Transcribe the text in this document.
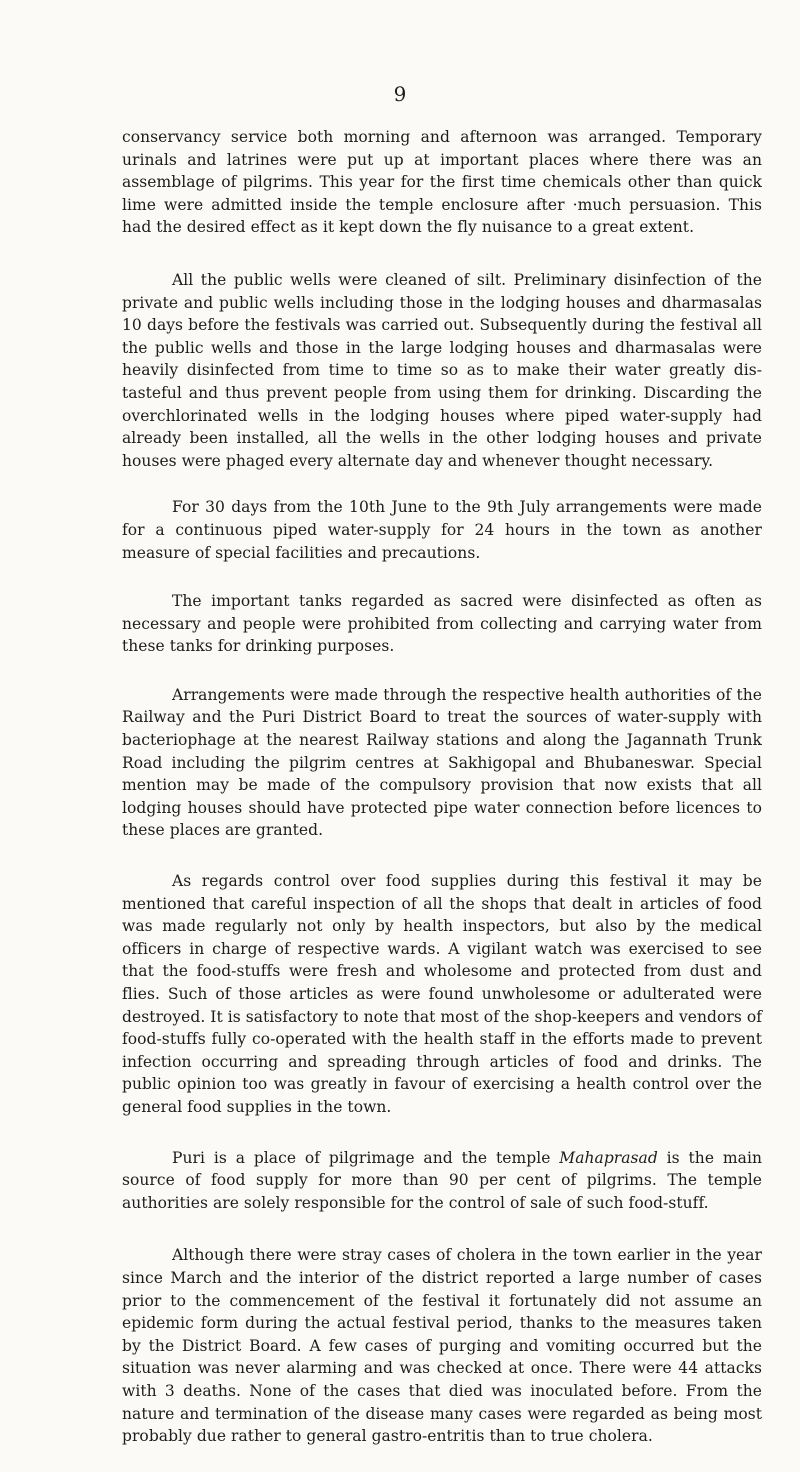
9

conservancy service both morning and afternoon was arranged. Temporary urinals and latrines were put up at important places where there was an assemblage of pilgrims. This year for the first time chemicals other than quick lime were admitted inside the temple enclosure after ·much persuasion. This had the desired effect as it kept down the fly nuisance to a great extent.

All the public wells were cleaned of silt. Preliminary disinfection of the private and public wells including those in the lodging houses and dharmasalas 10 days before the festivals was carried out. Subsequently during the festival all the public wells and those in the large lodging houses and dharmasalas were heavily disinfected from time to time so as to make their water greatly dis-tasteful and thus prevent people from using them for drinking. Discarding the overchlorinated wells in the lodging houses where piped water-supply had already been installed, all the wells in the other lodging houses and private houses were phaged every alternate day and whenever thought necessary.

For 30 days from the 10th June to the 9th July arrangements were made for a continuous piped water-supply for 24 hours in the town as another measure of special facilities and precautions.

The important tanks regarded as sacred were disinfected as often as necessary and people were prohibited from collecting and carrying water from these tanks for drinking purposes.

Arrangements were made through the respective health authorities of the Railway and the Puri District Board to treat the sources of water-supply with bacteriophage at the nearest Railway stations and along the Jagannath Trunk Road including the pilgrim centres at Sakhigopal and Bhubaneswar. Special mention may be made of the compulsory provision that now exists that all lodging houses should have protected pipe water connection before licences to these places are granted.

As regards control over food supplies during this festival it may be mentioned that careful inspection of all the shops that dealt in articles of food was made regularly not only by health inspectors, but also by the medical officers in charge of respective wards. A vigilant watch was exercised to see that the food-stuffs were fresh and wholesome and protected from dust and flies. Such of those articles as were found unwholesome or adulterated were destroyed. It is satisfactory to note that most of the shop-keepers and vendors of food-stuffs fully co-operated with the health staff in the efforts made to prevent infection occurring and spreading through articles of food and drinks. The public opinion too was greatly in favour of exercising a health control over the general food supplies in the town.

Puri is a place of pilgrimage and the temple Mahaprasad is the main source of food supply for more than 90 per cent of pilgrims. The temple authorities are solely responsible for the control of sale of such food-stuff.

Although there were stray cases of cholera in the town earlier in the year since March and the interior of the district reported a large number of cases prior to the commencement of the festival it fortunately did not assume an epidemic form during the actual festival period, thanks to the measures taken by the District Board. A few cases of purging and vomiting occurred but the situation was never alarming and was checked at once. There were 44 attacks with 3 deaths. None of the cases that died was inoculated before. From the nature and termination of the disease many cases were regarded as being most probably due rather to general gastro-entritis than to true cholera.
